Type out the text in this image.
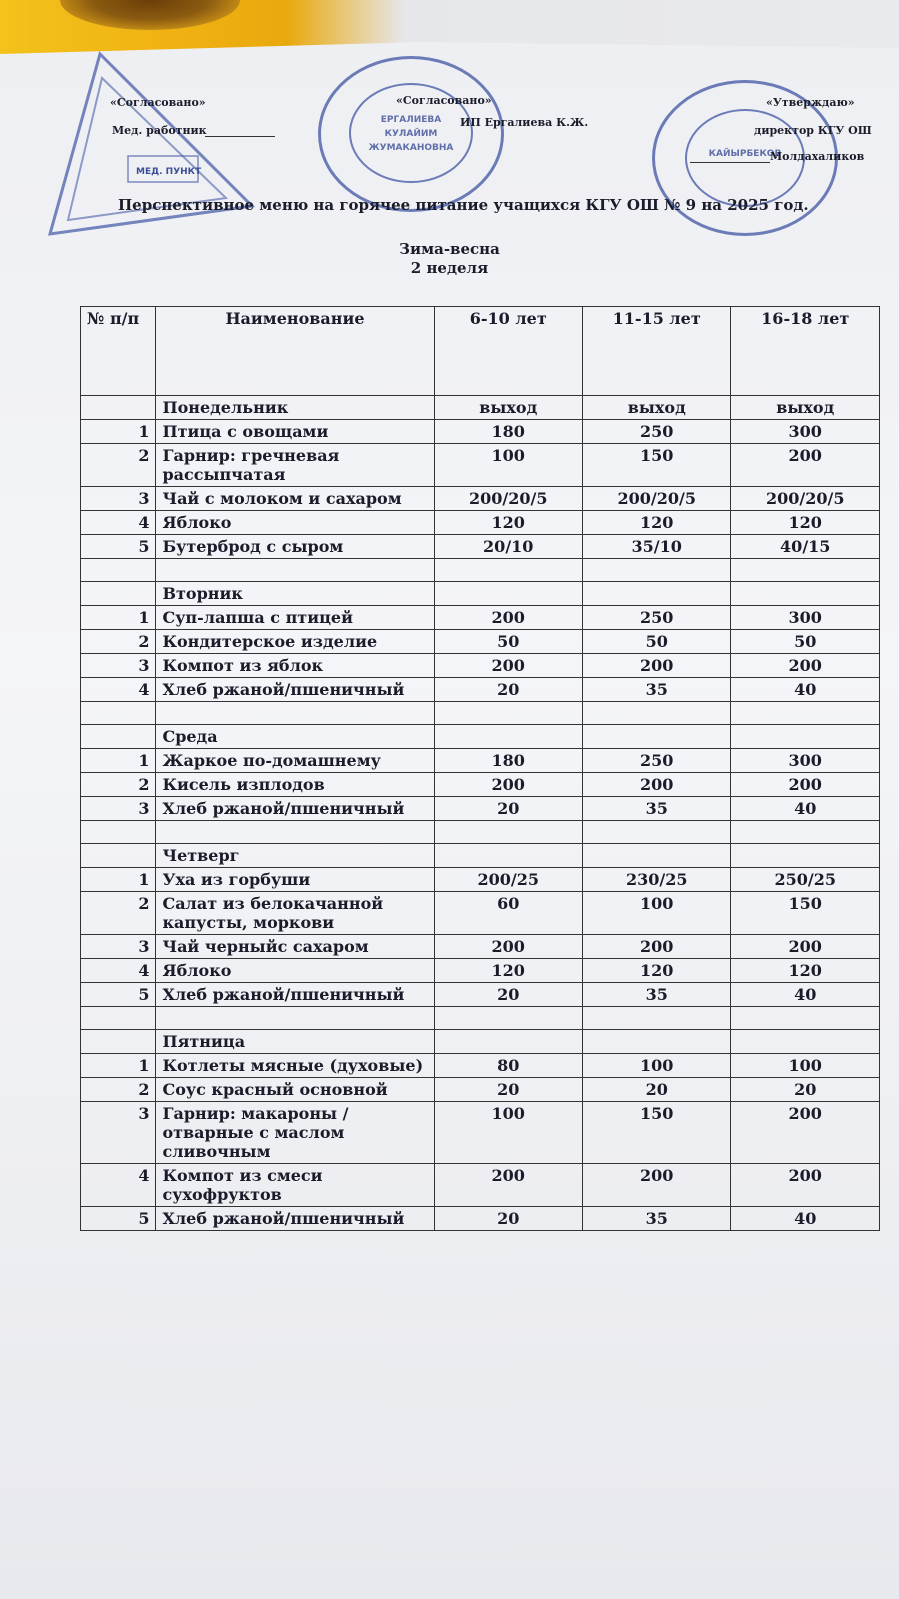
МЕД. ПУНКТ
«Согласовано»
Мед. работник
ЕРГАЛИЕВА
КУЛАЙИМ
ЖУМАКАНОВНА
«Согласовано»
ИП Ергалиева К.Ж.
КАЙЫРБЕКОВ
«Утверждаю»
директор КГУ ОШ
Молдахаликов
Перспективное меню на горячее питание учащихся КГУ ОШ № 9 на 2025 год.
Зима-весна
2 неделя
№ п/п	Наименование	6-10 лет	11-15 лет	16-18 лет
	Понедельник	выход	выход	выход
1	Птица с овощами	180	250	300
2	Гарнир: гречневая рассыпчатая	100	150	200
3	Чай с молоком и сахаром	200/20/5	200/20/5	200/20/5
4	Яблоко	120	120	120
5	Бутерброд с сыром	20/10	35/10	40/15

	Вторник			
1	Суп-лапша с птицей	200	250	300
2	Кондитерское изделие	50	50	50
3	Компот из яблок	200	200	200
4	Хлеб ржаной/пшеничный	20	35	40

	Среда			
1	Жаркое по-домашнему	180	250	300
2	Кисель изплодов	200	200	200
3	Хлеб ржаной/пшеничный	20	35	40

	Четверг			
1	Уха из горбуши	200/25	230/25	250/25
2	Салат из белокачанной капусты, моркови	60	100	150
3	Чай черныйс сахаром	200	200	200
4	Яблоко	120	120	120
5	Хлеб ржаной/пшеничный	20	35	40

	Пятница			
1	Котлеты мясные (духовые)	80	100	100
2	Соус красный основной	20	20	20
3	Гарнир: макароны /отварные с маслом сливочным	100	150	200
4	Компот из смеси сухофруктов	200	200	200
5	Хлеб ржаной/пшеничный	20	35	40
